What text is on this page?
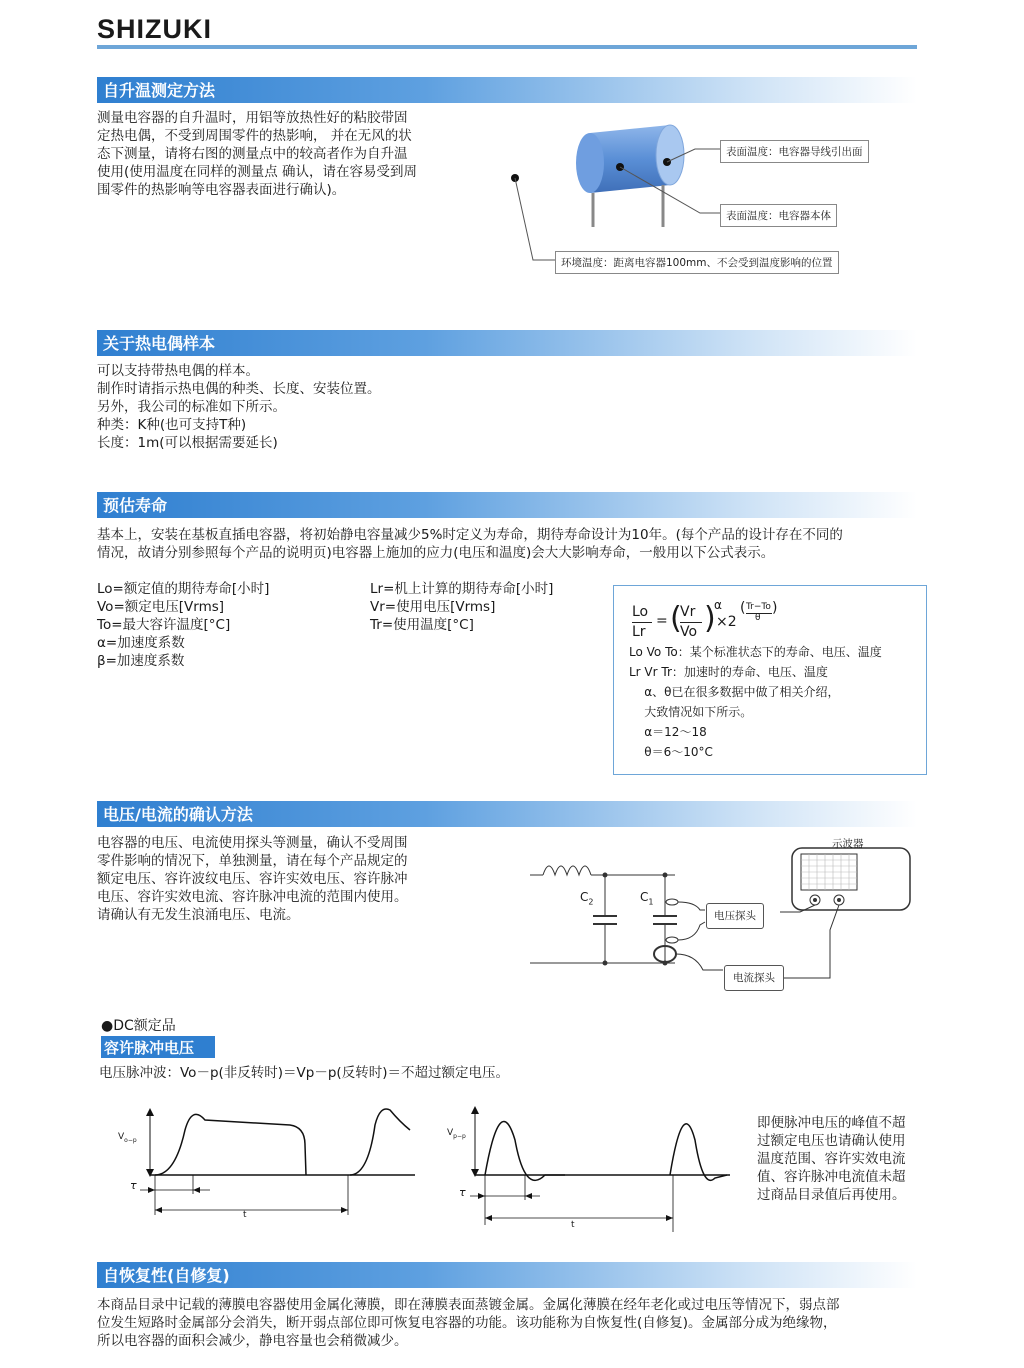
SHIZUKI
自升温测定方法
测量电容器的自升温时，用铝等放热性好的粘胶带固
定热电偶，不受到周围零件的热影响， 并在无风的状
态下测量，请将右图的测量点中的较高者作为自升温
使用(使用温度在同样的测量点 确认，请在容易受到周
围零件的热影响等电容器表面进行确认)。
表面温度：电容器导线引出面
表面温度：电容器本体
环境温度：距离电容器100mm、不会受到温度影响的位置
关于热电偶样本
可以支持带热电偶的样本。
制作时请指示热电偶的种类、长度、安装位置。
另外，我公司的标准如下所示。
种类：K种(也可支持T种)
长度：1m(可以根据需要延长)
预估寿命
基本上，安装在基板直插电容器，将初始静电容量减少5%时定义为寿命，期待寿命设计为10年。(每个产品的设计存在不同的
情况，故请分别参照每个产品的说明页)电容器上施加的应力(电压和温度)会大大影响寿命，一般用以下公式表示。
Lo=额定值的期待寿命[小时]
Vo=额定电压[Vrms]
To=最大容许温度[°C]
α=加速度系数
β=加速度系数
Lr=机上计算的期待寿命[小时]
Vr=使用电压[Vrms]
Tr=使用温度[°C]
Lo
Lr
= (
Vr
Vo )
α
×2
( Tr−To
θ
)
Lo Vo To：某个标准状态下的寿命、电压、温度
Lr Vr Tr：加速时的寿命、电压、温度
α、θ已在很多数据中做了相关介绍，
大致情况如下所示。
α＝12〜18
θ＝6〜10°C
电压/电流的确认方法
电容器的电压、电流使用探头等测量，确认不受周围
零件影响的情况下，单独测量，请在每个产品规定的
额定电压、容许波纹电压、容许实效电压、容许脉冲
电压、容许实效电流、容许脉冲电流的范围内使用。
请确认有无发生浪涌电压、电流。
示波器
$C_2$	$C_1$
电压探头
电流探头
●DC额定品
容许脉冲电压
电压脉冲波：Vo－p(非反转时)＝Vp－p(反转时)＝不超过额定电压。
$V_{o-p}$
τ
t
$V_{p-p}$
τ
t
即便脉冲电压的峰值不超
过额定电压也请确认使用
温度范围、容许实效电流
值、容许脉冲电流值未超
过商品目录值后再使用。
自恢复性(自修复)
本商品目录中记载的薄膜电容器使用金属化薄膜，即在薄膜表面蒸镀金属。金属化薄膜在经年老化或过电压等情况下，弱点部
位发生短路时金属部分会消失，断开弱点部位即可恢复电容器的功能。该功能称为自恢复性(自修复)。金属部分成为绝缘物，
所以电容器的面积会减少，静电容量也会稍微减少。
